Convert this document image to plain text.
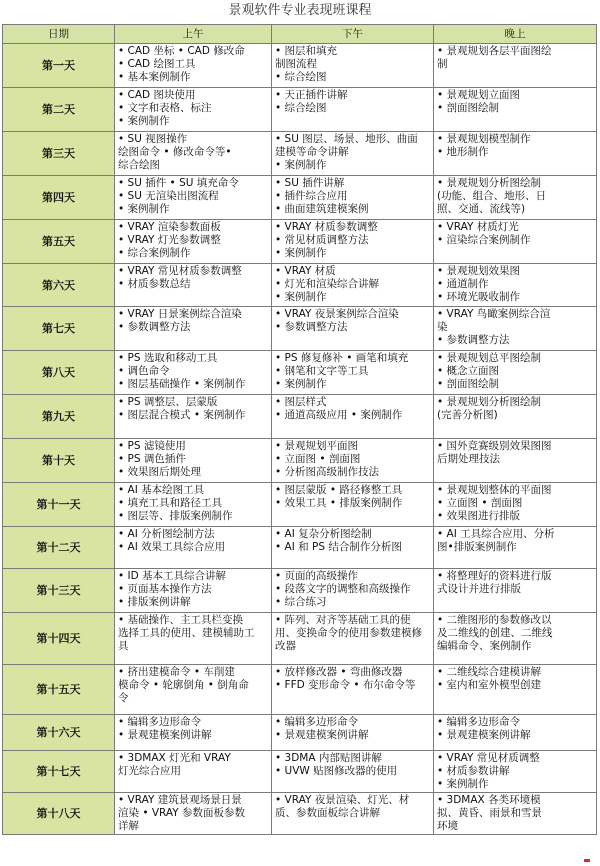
景观软件专业表现班课程
日期	上午	下午	晚上
第一天	• CAD 坐标 • CAD 修改命
• CAD 绘图工具
• 基本案例制作	• 图层和填充
制图流程
• 综合绘图	• 景观规划各层平面图绘
制

第二天	• CAD 图块使用
• 文字和表格、标注
• 案例制作	• 天正插件讲解
• 综合绘图	• 景观规划立面图
• 剖面图绘制

第三天	• SU 视图操作
绘图命令 • 修改命令等•
综合绘图	• SU 图层、场景、地形、曲面
建模等命令讲解
• 案例制作	• 景观规划模型制作
• 地形制作

第四天	• SU 插件 • SU 填充命令
• SU 无渲染出图流程
• 案例制作	• SU 插件讲解
• 插件综合应用
• 曲面建筑建模案例	• 景观规划分析图绘制
(功能、组合、地形、日
照、交通、流线等)

第五天	• VRAY 渲染参数面板
• VRAY 灯光参数调整
• 综合案例制作	• VRAY 材质参数调整
• 常见材质调整方法
• 案例制作	• VRAY 材质灯光
• 渲染综合案例制作

第六天	• VRAY 常见材质参数调整
• 材质参数总结	• VRAY 材质
• 灯光和渲染综合讲解
• 案例制作	• 景观规划效果图
• 通道制作
• 环境光吸收制作

第七天	• VRAY 日景案例综合渲染
• 参数调整方法	• VRAY 夜景案例综合渲染
• 参数调整方法	• VRAY 鸟瞰案例综合渲
染
• 参数调整方法

第八天	• PS 选取和移动工具
• 调色命令
• 图层基础操作 • 案例制作	• PS 修复修补 • 画笔和填充
• 钢笔和文字等工具
• 案例制作	• 景观规划总平图绘制
• 概念立面图
• 剖面图绘制

第九天	• PS 调整层、层蒙版
• 图层混合模式 • 案例制作	• 图层样式
• 通道高级应用 • 案例制作	• 景观规划分析图绘制
(完善分析图)

第十天	• PS 滤镜使用
• PS 调色插件
• 效果图后期处理	• 景观规划平面图
• 立面图 • 剖面图
• 分析图高级制作技法	• 国外竞赛级别效果图图
后期处理技法

第十一天	• AI 基本绘图工具
• 填充工具和路径工具
• 图层等、排版案例制作	• 图层蒙版 • 路径修整工具
• 效果工具 • 排版案例制作	• 景观规划整体的平面图
• 立面图 • 剖面图
• 效果图进行排版

第十二天	• AI 分析图绘制方法
• AI 效果工具综合应用	• AI 复杂分析图绘制
• AI 和 PS 结合制作分析图	• AI 工具综合应用、分析
图•排版案例制作

第十三天	• ID 基本工具综合讲解
• 页面基本操作方法
• 排版案例讲解	• 页面的高级操作
• 段落文字的调整和高级操作
• 综合练习	• 将整理好的资料进行版
式设计并进行排版

第十四天	• 基础操作、主工具栏变换
选择工具的使用、建模辅助工
具	• 阵列、对齐等基础工具的使
用、变换命令的使用参数建模修
改器	• 二维图形的参数修改以
及二维线的创建、二维线
编辑命令、案例制作

第十五天	• 挤出建模命令 • 车削建
模命令 • 轮廓倒角 • 倒角命
令	• 放样修改器 • 弯曲修改器
• FFD 变形命令 • 布尔命令等	• 二维线综合建模讲解
• 室内和室外模型创建

第十六天	• 编辑多边形命令
• 景观建模案例讲解	• 编辑多边形命令
• 景观建模案例讲解	• 编辑多边形命令
• 景观建模案例讲解

第十七天	• 3DMAX 灯光和 VRAY
灯光综合应用	• 3DMA 内部贴图讲解
• UVW 贴图修改器的使用	• VRAY 常见材质调整
• 材质参数讲解
• 案例制作

第十八天	• VRAY 建筑景观场景日景
渲染 • VRAY 参数面板参数
详解	• VRAY 夜景渲染、灯光、材
质、参数面板综合讲解	• 3DMAX 各类环境模
拟、黄昏、雨景和雪景
环境
